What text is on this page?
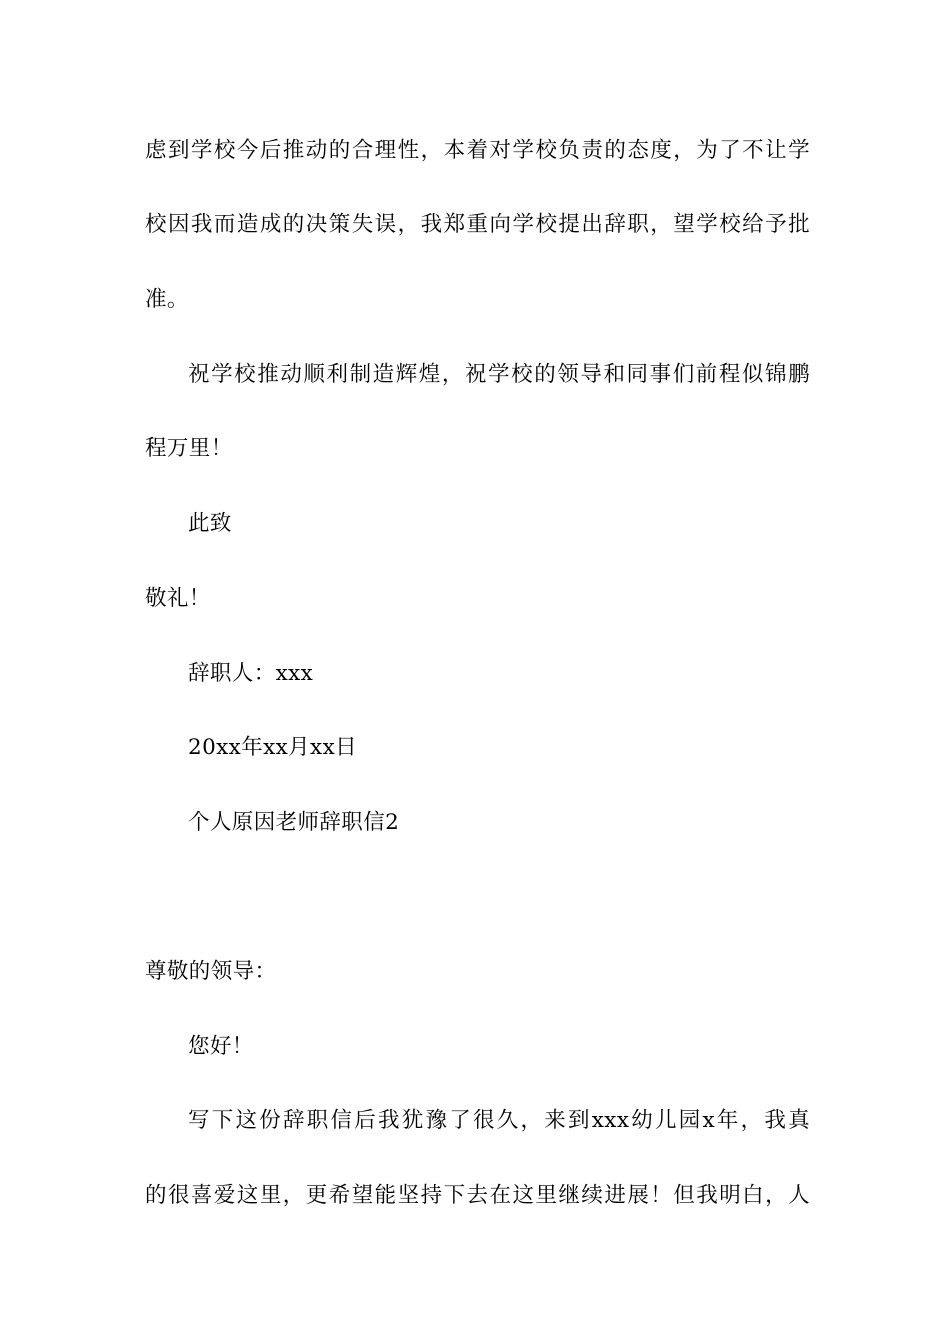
虑到学校今后推动的合理性，本着对学校负责的态度，为了不让学
校因我而造成的决策失误，我郑重向学校提出辞职，望学校给予批
准。
祝学校推动顺利制造辉煌，祝学校的领导和同事们前程似锦鹏
程万里！
此致
敬礼！
辞职人：xxx
20xx年xx月xx日
个人原因老师辞职信2
尊敬的领导：
您好！
写下这份辞职信后我犹豫了很久，来到xxx幼儿园x年，我真
的很喜爱这里，更希望能坚持下去在这里继续进展！但我明白，人
